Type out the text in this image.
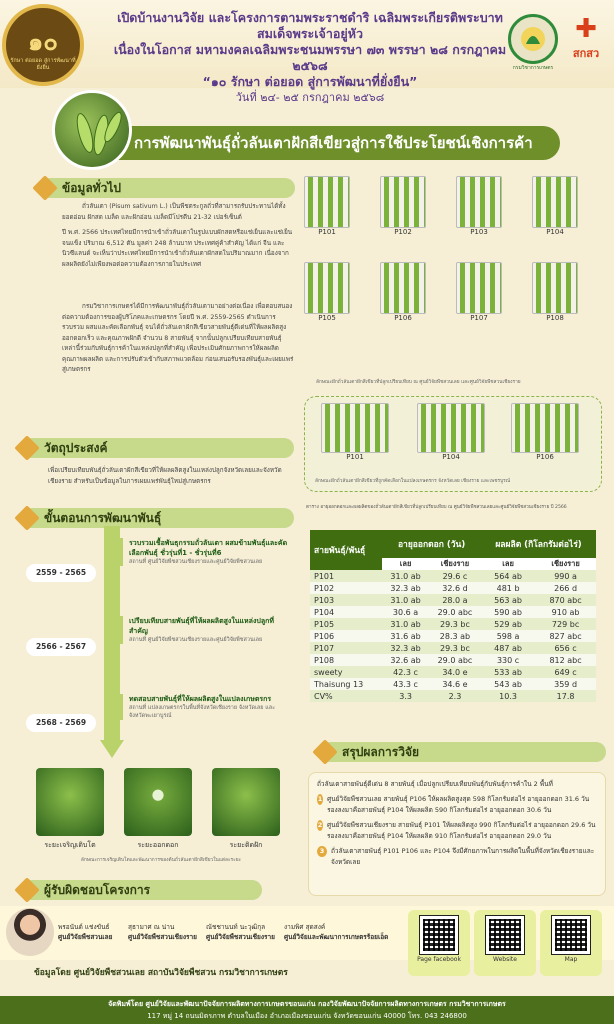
๑๐
รักษา ต่อยอด สู่การพัฒนาที่ยั่งยืน
เปิดบ้านงานวิจัย และโครงการตามพระราชดำริ เฉลิมพระเกียรติพระบาทสมเด็จพระเจ้าอยู่หัว
เนื่องในโอกาส มหามงคลเฉลิมพระชนมพรรษา ๗๓ พรรษา ๒๘ กรกฎาคม ๒๕๖๘
“๑๐ รักษา ต่อยอด สู่การพัฒนาที่ยั่งยืน”
วันที่ ๒๔- ๒๕ กรกฎาคม ๒๕๖๘
กรมวิชาการเกษตร
✚
สกสว
การพัฒนาพันธุ์ถั่วลันเตาฝักสีเขียวสู่การใช้ประโยชน์เชิงการค้า
ข้อมูลทั่วไป
ถั่วลันเตา (Pisum sativum L.) เป็นพืชตระกูลถั่วที่สามารถรับประทานได้ทั้งยอดอ่อน ฝักสด เมล็ด และฝักอ่อน เมล็ดมีโปรตีน 21-32 เปอร์เซ็นต์
ปี พ.ศ. 2566 ประเทศไทยมีการนำเข้าถั่วลันเตาในรูปแบบผักสดหรือแช่เย็นและแช่เย็นจนแข็ง ปริมาณ 6,512 ตัน มูลค่า 248 ล้านบาท ประเทศคู่ค้าสำคัญ ได้แก่ จีน และนิวซีแลนด์ จะเห็นว่าประเทศไทยมีการนำเข้าถั่วลันเตาผักสดในปริมาณมาก เนื่องจากผลผลิตยังไม่เพียงพอต่อความต้องการภายในประเทศ
กรมวิชาการเกษตรได้มีการพัฒนาพันธุ์ถั่วลันเตามาอย่างต่อเนื่อง เพื่อตอบสนองต่อความต้องการของผู้บริโภคและเกษตรกร โดยปี พ.ศ. 2559-2565 ดำเนินการรวบรวม ผสมและคัดเลือกพันธุ์ จนได้ถั่วลันเตาฝักสีเขียวสายพันธุ์ดีเด่นที่ให้ผลผลิตสูง ออกดอกเร็ว และคุณภาพฝักดี จำนวน 8 สายพันธุ์ จากนั้นปลูกเปรียบเทียบสายพันธุ์เหล่านี้ร่วมกับพันธุ์การค้าในแหล่งปลูกที่สำคัญ เพื่อประเมินศักยภาพการให้ผลผลิต คุณภาพผลผลิต และการปรับตัวเข้ากับสภาพแวดล้อม ก่อนเสนอรับรองพันธุ์และเผยแพร่สู่เกษตรกร
วัตถุประสงค์
เพื่อเปรียบเทียบพันธุ์ถั่วลันเตาฝักสีเขียวที่ให้ผลผลิตสูงในแหล่งปลูกจังหวัดเลยและจังหวัดเชียงราย สำหรับเป็นข้อมูลในการเผยแพร่พันธุ์ใหม่สู่เกษตรกร
ขั้นตอนการพัฒนาพันธุ์
2559 - 2565
รวบรวมเชื้อพันธุกรรมถั่วลันเตา ผสมข้ามพันธุ์และคัดเลือกพันธุ์ ชั่วรุ่นที่1 - ชั่วรุ่นที่6
สถานที่ ศูนย์วิจัยพืชสวนเชียงรายและศูนย์วิจัยพืชสวนเลย
2566 - 2567
เปรียบเทียบสายพันธุ์ที่ให้ผลผลิตสูงในแหล่งปลูกที่สำคัญ
สถานที่ ศูนย์วิจัยพืชสวนเชียงรายและศูนย์วิจัยพืชสวนเลย
2568 - 2569
ทดสอบสายพันธุ์ที่ให้ผลผลิตสูงในแปลงเกษตรกร
สถานที่ แปลงเกษตรกรในพื้นที่จังหวัดเชียงราย จังหวัดเลย และจังหวัดพะเยาบูรณ์
ระยะเจริญเติบโต	ระยะออกดอก	ระยะติดฝัก
ลักษณะการเจริญเติบโตและพัฒนาการของต้นถั่วลันเตาฝักสีเขียวในแต่ละระยะ
P101	P102	P103	P104
P105	P106	P107	P108
ลักษณะฝักถั่วลันเตาฝักสีเขียวที่ปลูกเปรียบเทียบ ณ ศูนย์วิจัยพืชสวนเลย และศูนย์วิจัยพืชสวนเชียงราย
P101	P104	P106
ลักษณะฝักถั่วลันเตาฝักสีเขียวที่ถูกคัดเลือกในแปลงเกษตรกร จังหวัดเลย เชียงราย และเพชรบูรณ์
ตาราง อายุออกดอกและผลผลิตของถั่วลันเตาฝักสีเขียวที่ปลูกเปรียบเทียบ ณ ศูนย์วิจัยพืชสวนเลยและศูนย์วิจัยพืชสวนเชียงราย ปี 2566
สายพันธุ์/พันธุ์	อายุออกดอก (วัน)		ผลผลิต (กิโลกรัมต่อไร่)	
	เลย	เชียงราย	เลย	เชียงราย
P101	31.0 ab	29.6 c	564 ab	990 a
P102	32.3 ab	32.6 d	481 b	266 d
P103	31.0 ab	28.0 a	563 ab	870 abc
P104	30.6 a	29.0 abc	590 ab	910 ab
P105	31.0 ab	29.3 bc	529 ab	729 bc
P106	31.6 ab	28.3 ab	598 a	827 abc
P107	32.3 ab	29.3 bc	487 ab	656 c
P108	32.6 ab	29.0 abc	330 c	812 abc
sweety	42.3 c	34.0 e	533 ab	649 c
Thaisung 13	43.3 c	34.6 e	543 ab	359 d
CV%	3.3	2.3	10.3	17.8
สรุปผลการวิจัย
ถั่วลันเตาสายพันธุ์ดีเด่น 8 สายพันธุ์ เมื่อปลูกเปรียบเทียบพันธุ์กับพันธุ์การค้าใน 2 พื้นที่
1 ศูนย์วิจัยพืชสวนเลย สายพันธุ์ P106 ให้ผลผลิตสูงสุด 598 กิโลกรัมต่อไร่ อายุออกดอก 31.6 วัน รองลงมาคือสายพันธุ์ P104 ให้ผลผลิต 590 กิโลกรัมต่อไร่ อายุออกดอก 30.6 วัน
2 ศูนย์วิจัยพืชสวนเชียงราย สายพันธุ์ P101 ให้ผลผลิตสูง 990 กิโลกรัมต่อไร่ อายุออกดอก 29.6 วัน รองลงมาคือสายพันธุ์ P104 ให้ผลผลิต 910 กิโลกรัมต่อไร่ อายุออกดอก 29.0 วัน
3	ถั่วลันเตาสายพันธุ์ P101 P106 และ P104 จึงมีศักยภาพในการผลิตในพื้นที่จังหวัดเชียงรายและจังหวัดเลย
ผู้รับผิดชอบโครงการ
พรอนันต์ แช่งขันธ์
ศูนย์วิจัยพืชสวนเลย
สุธามาศ ณ น่าน
ศูนย์วิจัยพืชสวนเชียงราย
ณัชชานนท์ นะวุฒิกุล
ศูนย์วิจัยพืชสวนเชียงราย
งามพิศ สุดสงค์
ศูนย์วิจัยและพัฒนาการเกษตรร้อยเอ็ด
Page facebook	Website	Map
ข้อมูลโดย ศูนย์วิจัยพืชสวนเลย สถาบันวิจัยพืชสวน กรมวิชาการเกษตร
จัดพิมพ์โดย ศูนย์วิจัยและพัฒนาปัจจัยการผลิตทางการเกษตรขอนแก่น กองวิจัยพัฒนาปัจจัยการผลิตทางการเกษตร กรมวิชาการเกษตร
117 หมู่ 14 ถนนมิตรภาพ ตำบลในเมือง อำเภอเมืองขอนแก่น จังหวัดขอนแก่น 40000 โทร. 043 246800
